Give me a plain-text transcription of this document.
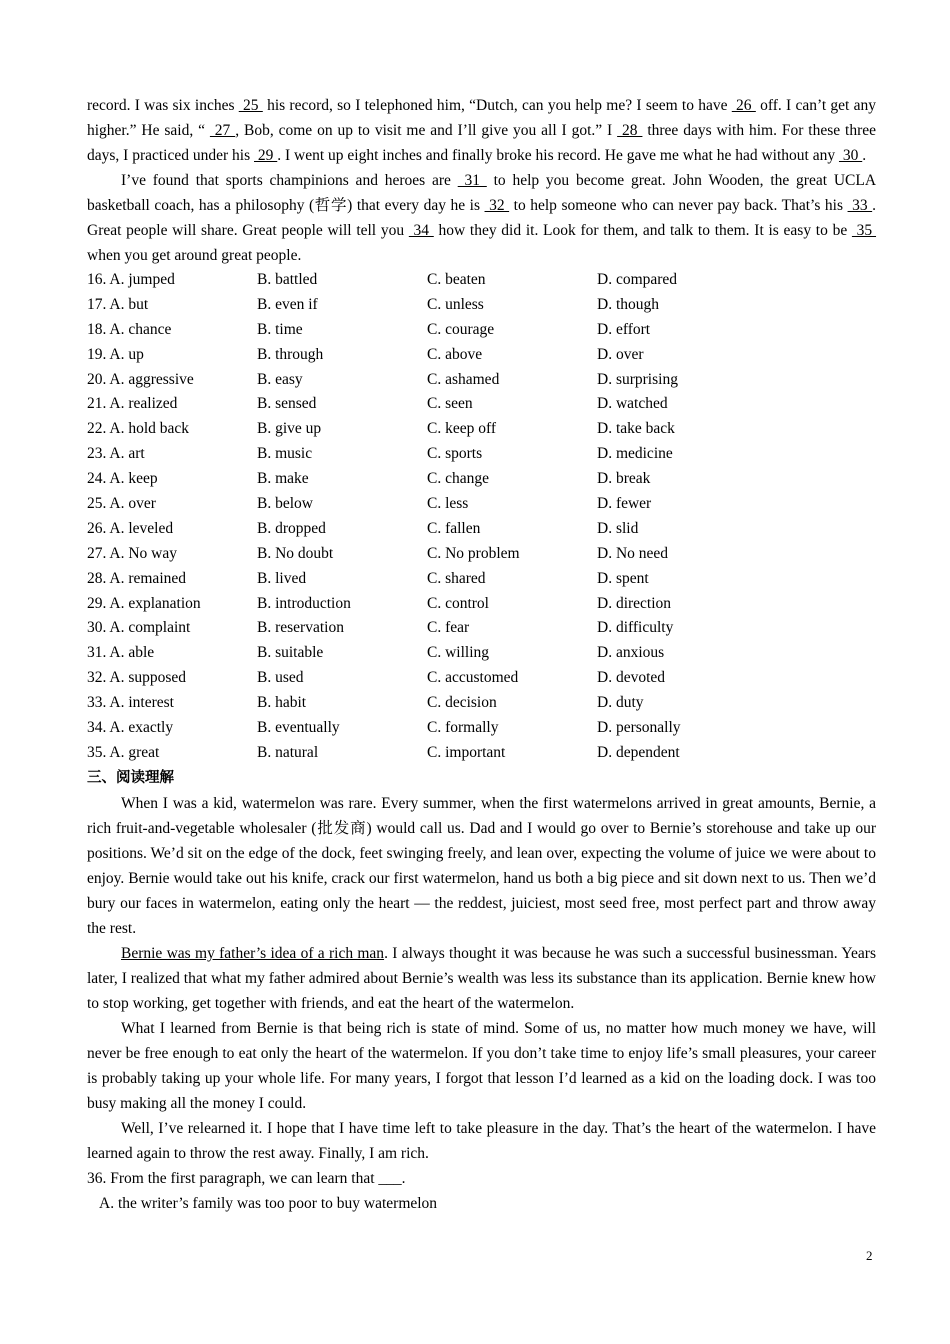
record. I was six inches  25  his record, so I telephoned him, “Dutch, can you help me? I seem to have  26  off. I can’t get any higher.” He said, “  27 , Bob, come on up to visit me and I’ll give you all I got.” I  28  three days with him. For these three days, I practiced under his  29 . I went up eight inches and finally broke his record. He gave me what he had without any  30 .

I’ve found that sports champinions and heroes are  31  to help you become great. John Wooden, the great UCLA basketball coach, has a philosophy (哲学) that every day he is  32  to help someone who can never pay back. That’s his  33 . Great people will share. Great people will tell you  34  how they did it. Look for them, and talk to them. It is easy to be  35  when you get around great people.

16. A. jumped	B. battled	C. beaten	D. compared
17. A. but	B. even if	C. unless	D. though
18. A. chance	B. time	C. courage	D. effort
19. A. up	B. through	C. above	D. over
20. A. aggressive	B. easy	C. ashamed	D. surprising
21. A. realized	B. sensed	C. seen	D. watched
22. A. hold back	B. give up	C. keep off	D. take back
23. A. art	B. music	C. sports	D. medicine
24. A. keep	B. make	C. change	D. break
25. A. over	B. below	C. less	D. fewer
26. A. leveled	B. dropped	C. fallen	D. slid
27. A. No way	B. No doubt	C. No problem	D. No need
28. A. remained	B. lived	C. shared	D. spent
29. A. explanation	B. introduction	C. control	D. direction
30. A. complaint	B. reservation	C. fear	D. difficulty
31. A. able	B. suitable	C. willing	D. anxious
32. A. supposed	B. used	C. accustomed	D. devoted
33. A. interest	B. habit	C. decision	D. duty
34. A. exactly	B. eventually	C. formally	D. personally
35. A. great	B. natural	C. important	D. dependent
三、阅读理解

When I was a kid, watermelon was rare. Every summer, when the first watermelons arrived in great amounts, Bernie, a rich fruit-and-vegetable wholesaler (批发商) would call us. Dad and I would go over to Bernie’s storehouse and take up our positions. We’d sit on the edge of the dock, feet swinging freely, and lean over, expecting the volume of juice we were about to enjoy. Bernie would take out his knife, crack our first watermelon, hand us both a big piece and sit down next to us. Then we’d bury our faces in watermelon, eating only the heart ― the reddest, juiciest, most seed free, most perfect part and throw away the rest.

Bernie was my father’s idea of a rich man. I always thought it was because he was such a successful businessman. Years later, I realized that what my father admired about Bernie’s wealth was less its substance than its application. Bernie knew how to stop working, get together with friends, and eat the heart of the watermelon.

What I learned from Bernie is that being rich is state of mind. Some of us, no matter how much money we have, will never be free enough to eat only the heart of the watermelon. If you don’t take time to enjoy life’s small pleasures, your career is probably taking up your whole life. For many years, I forgot that lesson I’d learned as a kid on the loading dock. I was too busy making all the money I could.

Well, I’ve relearned it. I hope that I have time left to take pleasure in the day. That’s the heart of the watermelon. I have learned again to throw the rest away. Finally, I am rich.

36. From the first paragraph, we can learn that ___.
A. the writer’s family was too poor to buy watermelon
2
